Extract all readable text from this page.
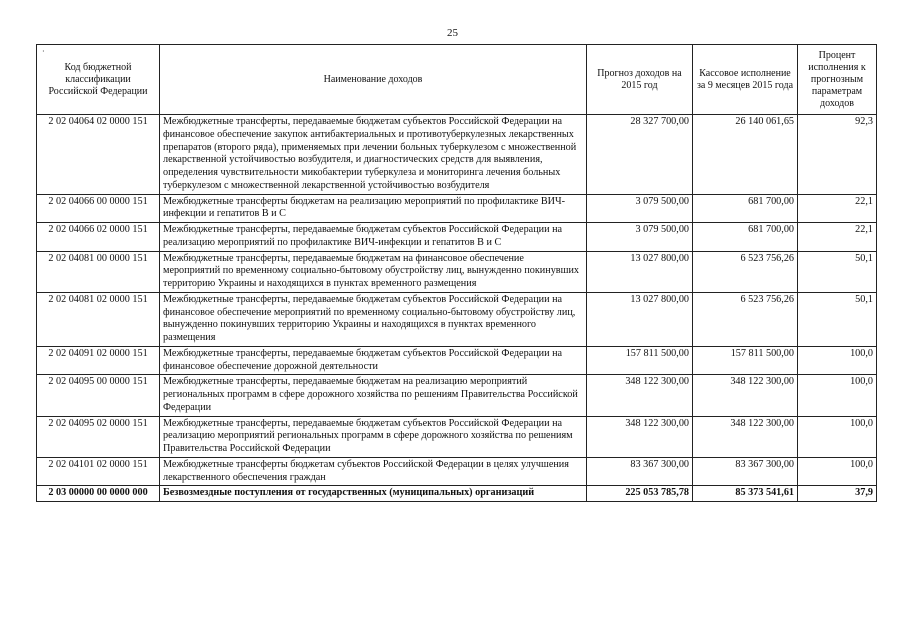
25
·
Код бюджетной классификации Российской Федерации	Наименование доходов	Прогноз доходов на 2015 год	Кассовое исполнение за 9 месяцев 2015 года	Процент исполнения к прогнозным параметрам доходов
2 02 04064 02 0000 151	Межбюджетные трансферты, передаваемые бюджетам субъектов Российской Федерации на финансовое обеспечение закупок антибактериальных и противотуберкулезных лекарственных препаратов (второго ряда), применяемых при лечении больных туберкулезом с множественной лекарственной устойчивостью возбудителя, и диагностических средств для выявления, определения чувствительности микобактерии туберкулеза и мониторинга лечения больных туберкулезом с множественной лекарственной устойчивостью возбудителя	28 327 700,00	26 140 061,65	92,3
2 02 04066 00 0000 151	Межбюджетные трансферты бюджетам на реализацию мероприятий по профилактике ВИЧ-инфекции и гепатитов В и С	3 079 500,00	681 700,00	22,1
2 02 04066 02 0000 151	Межбюджетные трансферты, передаваемые бюджетам субъектов Российской Федерации на реализацию мероприятий по профилактике ВИЧ-инфекции и гепатитов В и С	3 079 500,00	681 700,00	22,1
2 02 04081 00 0000 151	Межбюджетные трансферты, передаваемые бюджетам на финансовое обеспечение мероприятий по временному социально-бытовому обустройству лиц, вынужденно покинувших территорию Украины и находящихся в пунктах временного размещения	13 027 800,00	6 523 756,26	50,1
2 02 04081 02 0000 151	Межбюджетные трансферты, передаваемые бюджетам субъектов Российской Федерации на финансовое обеспечение мероприятий по временному социально-бытовому обустройству лиц, вынужденно покинувших территорию Украины и находящихся в пунктах временного размещения	13 027 800,00	6 523 756,26	50,1
2 02 04091 02 0000 151	Межбюджетные трансферты, передаваемые бюджетам субъектов Российской Федерации на финансовое обеспечение дорожной деятельности	157 811 500,00	157 811 500,00	100,0
2 02 04095 00 0000 151	Межбюджетные трансферты, передаваемые бюджетам на реализацию мероприятий региональных программ в сфере дорожного хозяйства по решениям Правительства Российской Федерации	348 122 300,00	348 122 300,00	100,0
2 02 04095 02 0000 151	Межбюджетные трансферты, передаваемые бюджетам субъектов Российской Федерации на реализацию мероприятий региональных программ в сфере дорожного хозяйства по решениям Правительства Российской Федерации	348 122 300,00	348 122 300,00	100,0
2 02 04101 02 0000 151	Межбюджетные трансферты бюджетам субъектов Российской Федерации в целях улучшения лекарственного обеспечения граждан	83 367 300,00	83 367 300,00	100,0
2 03 00000 00 0000 000	Безвозмездные поступления от государственных (муниципальных) организаций	225 053 785,78	85 373 541,61	37,9
